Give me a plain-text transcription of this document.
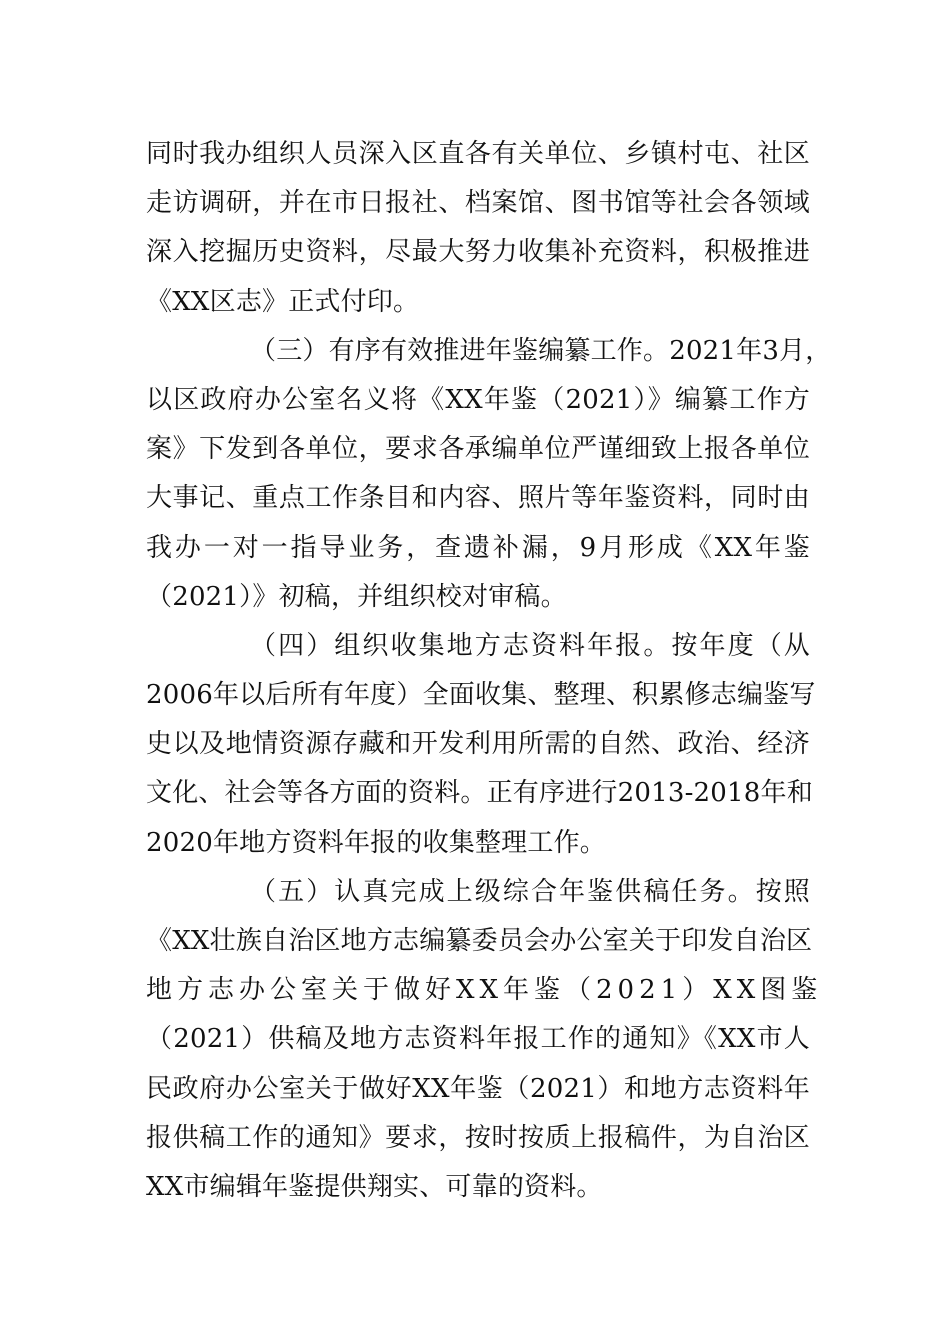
同时我办组织人员深入区直各有关单位、乡镇村屯、社区
走访调研，并在市日报社、档案馆、图书馆等社会各领域
深入挖掘历史资料，尽最大努力收集补充资料，积极推进
《XX区志》正式付印。
（三）有序有效推进年鉴编纂工作。2021年3月，
以区政府办公室名义将《XX年鉴（2021）》编纂工作方
案》下发到各单位，要求各承编单位严谨细致上报各单位
大事记、重点工作条目和内容、照片等年鉴资料，同时由
我办一对一指导业务，查遗补漏，9月形成《XX年鉴
（2021）》初稿，并组织校对审稿。
（四）组织收集地方志资料年报。按年度（从
2006年以后所有年度）全面收集、整理、积累修志编鉴写
史以及地情资源存藏和开发利用所需的自然、政治、经济
文化、社会等各方面的资料。正有序进行2013-2018年和
2020年地方资料年报的收集整理工作。
（五）认真完成上级综合年鉴供稿任务。按照
《XX壮族自治区地方志编纂委员会办公室关于印发自治区
地方志办公室关于做好XX年鉴（2021）XX图鉴
（2021）供稿及地方志资料年报工作的通知》《XX市人
民政府办公室关于做好XX年鉴（2021）和地方志资料年
报供稿工作的通知》要求，按时按质上报稿件，为自治区
XX市编辑年鉴提供翔实、可靠的资料。
